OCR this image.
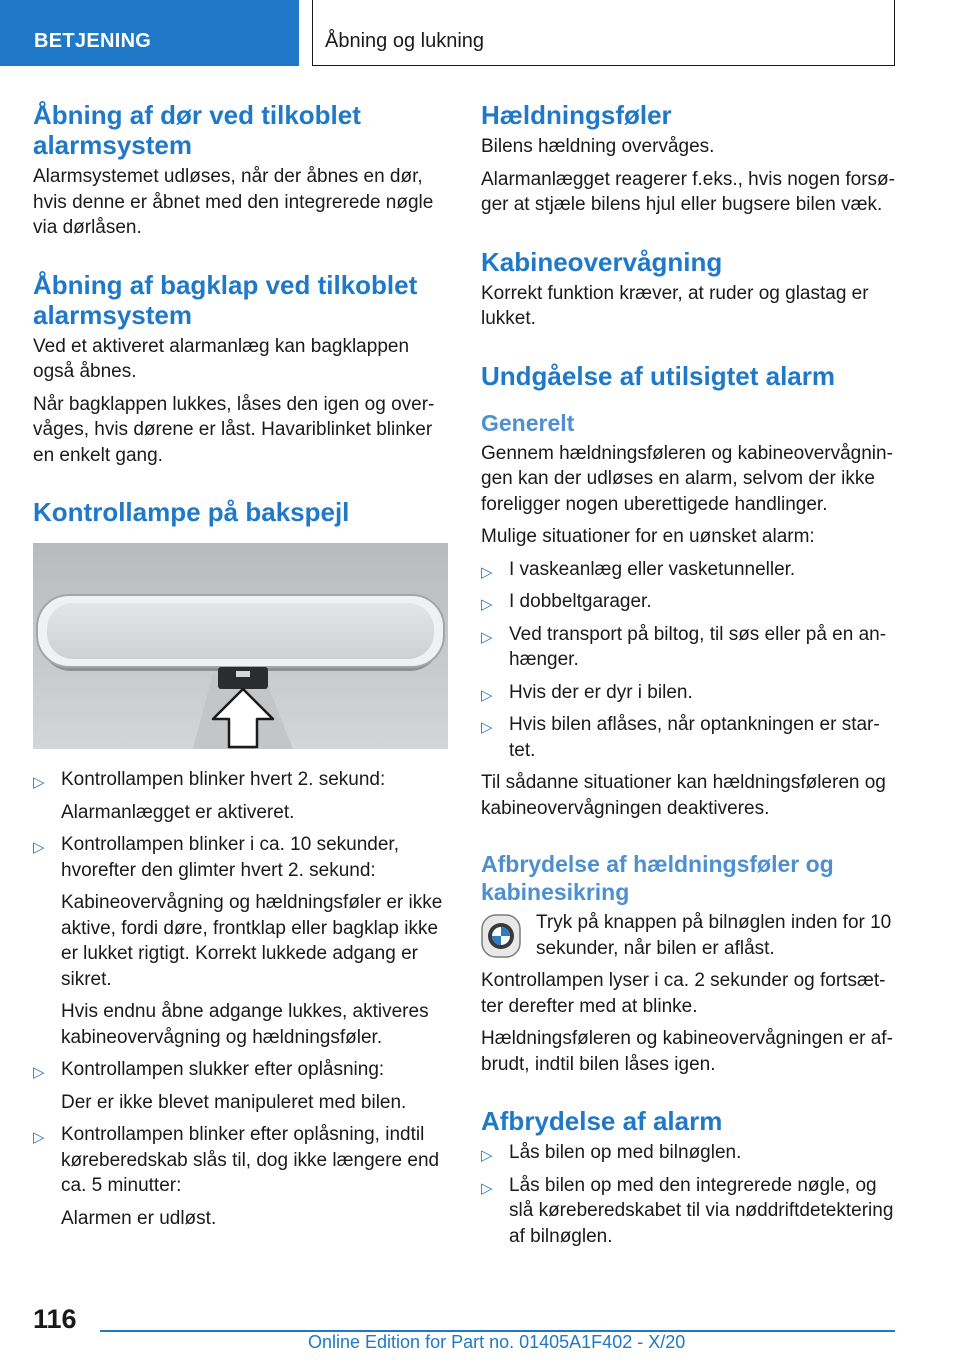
BETJENING	Åbning og lukning
Åbning af dør ved tilkoblet alarmsystem

Alarmsystemet udløses, når der åbnes en dør, hvis denne er åbnet med den integrerede nøgle via dørlåsen.

Åbning af bagklap ved tilkoblet alarmsystem

Ved et aktiveret alarmanlæg kan bagklappen også åbnes.

Når bagklappen lukkes, låses den igen og overvåges, hvis dørene er låst. Havariblinket blinker en enkelt gang.

Kontrollampe på bakspejl
▷ Kontrollampen blinker hvert 2. sekund:
Alarmanlægget er aktiveret.
▷ Kontrollampen blinker i ca. 10 sekunder, hvorefter den glimter hvert 2. sekund:
Kabineovervågning og hældningsføler er ikke aktive, fordi døre, frontklap eller bagklap ikke er lukket rigtigt. Korrekt lukkede adgang er sikret.
Hvis endnu åbne adgange lukkes, aktiveres kabineovervågning og hældningsføler.
▷ Kontrollampen slukker efter oplåsning:
Der er ikke blevet manipuleret med bilen.
▷ Kontrollampen blinker efter oplåsning, indtil køreberedskab slås til, dog ikke længere end ca. 5 minutter:
Alarmen er udløst.
Hældningsføler

Bilens hældning overvåges.

Alarmanlægget reagerer f.eks., hvis nogen forsøger at stjæle bilens hjul eller bugsere bilen væk.

Kabineovervågning

Korrekt funktion kræver, at ruder og glastag er lukket.

Undgåelse af utilsigtet alarm
Generelt

Gennem hældningsføleren og kabineovervågningen kan der udløses en alarm, selvom der ikke foreligger nogen uberettigede handlinger.

Mulige situationer for en uønsket alarm:

▷ I vaskeanlæg eller vasketunneller.
▷ I dobbeltgarager.
▷ Ved transport på biltog, til søs eller på en anhænger.
▷ Hvis der er dyr i bilen.
▷ Hvis bilen aflåses, når optankningen er startet.

Til sådanne situationer kan hældningsføleren og kabineovervågningen deaktiveres.

Afbrydelse af hældningsføler og kabinesikring

Tryk på knappen på bilnøglen inden for 10 sekunder, når bilen er aflåst.

Kontrollampen lyser i ca. 2 sekunder og fortsætter derefter med at blinke.

Hældningsføleren og kabineovervågningen er afbrudt, indtil bilen låses igen.

Afbrydelse af alarm
▷ Lås bilen op med bilnøglen.
▷ Lås bilen op med den integrerede nøgle, og slå køreberedskabet til via nøddriftdetektering af bilnøglen.
116
Online Edition for Part no. 01405A1F402 - X/20
